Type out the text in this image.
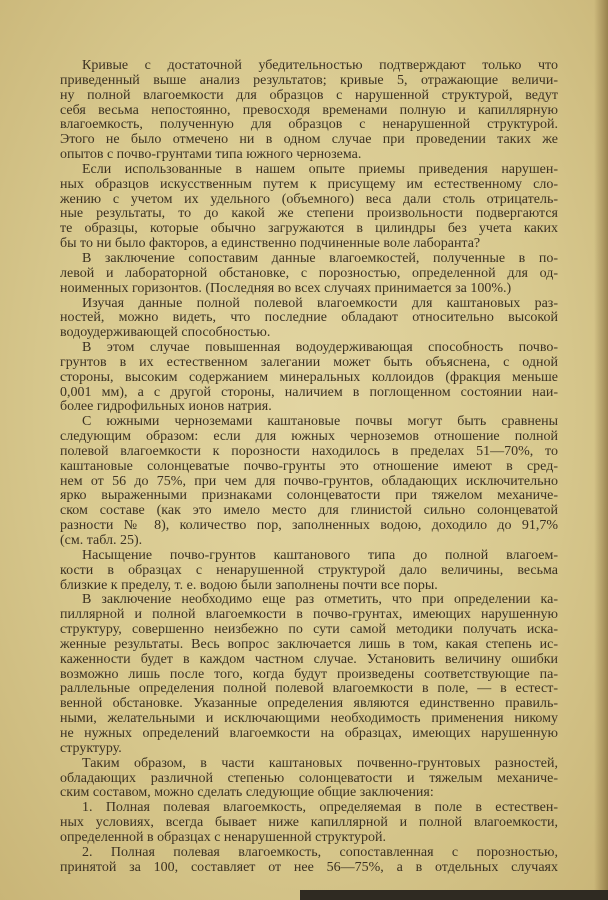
Кривые с достаточной убедительностью подтверждают только что
приведенный выше анализ результатов; кривые 5, отражающие величи-
ну полной влагоемкости для образцов с нарушенной структурой, ведут
себя весьма непостоянно, превосходя временами полную и капиллярную
влагоемкость, полученную для образцов с ненарушенной структурой.
Этого не было отмечено ни в одном случае при проведении таких же
опытов с почво-грунтами типа южного чернозема.
Если использованные в нашем опыте приемы приведения нарушен-
ных образцов искусственным путем к присущему им естественному сло-
жению с учетом их удельного (объемного) веса дали столь отрицатель-
ные результаты, то до какой же степени произвольности подвергаются
те образцы, которые обычно загружаются в цилиндры без учета каких
бы то ни было факторов, а единственно подчиненные воле лаборанта?
В заключение сопоставим данные влагоемкостей, полученные в по-
левой и лабораторной обстановке, с порозностью, определенной для од-
ноименных горизонтов. (Последняя во всех случаях принимается за 100%.)
Изучая данные полной полевой влагоемкости для каштановых раз-
ностей, можно видеть, что последние обладают относительно высокой
водоудерживающей способностью.
В этом случае повышенная водоудерживающая способность почво-
грунтов в их естественном залегании может быть объяснена, с одной
стороны, высоким содержанием минеральных коллоидов (фракция меньше
0,001 мм), а с другой стороны, наличием в поглощенном состоянии наи-
более гидрофильных ионов натрия.
С южными черноземами каштановые почвы могут быть сравнены
следующим образом: если для южных черноземов отношение полной
полевой влагоемкости к порозности находилось в пределах 51—70%, то
каштановые солонцеватые почво-грунты это отношение имеют в сред-
нем от 56 до 75%, при чем для почво-грунтов, обладающих исключительно
ярко выраженными признаками солонцеватости при тяжелом механиче-
ском составе (как это имело место для глинистой сильно солонцеватой
разности № 8), количество пор, заполненных водою, доходило до 91,7%
(см. табл. 25).
Насыщение почво-грунтов каштанового типа до полной влагоем-
кости в образцах с ненарушенной структурой дало величины, весьма
близкие к пределу, т. е. водою были заполнены почти все поры.
В заключение необходимо еще раз отметить, что при определении ка-
пиллярной и полной влагоемкости в почво-грунтах, имеющих нарушенную
структуру, совершенно неизбежно по сути самой методики получать иска-
женные результаты. Весь вопрос заключается лишь в том, какая степень ис-
каженности будет в каждом частном случае. Установить величину ошибки
возможно лишь после того, когда будут произведены соответствующие па-
раллельные определения полной полевой влагоемкости в поле, — в естест-
венной обстановке. Указанные определения являются единственно правиль-
ными, желательными и исключающими необходимость применения никому
не нужных определений влагоемкости на образцах, имеющих нарушенную
структуру.
Таким образом, в части каштановых почвенно-грунтовых разностей,
обладающих различной степенью солонцеватости и тяжелым механиче-
ским составом, можно сделать следующие общие заключения:
1. Полная полевая влагоемкость, определяемая в поле в естествен-
ных условиях, всегда бывает ниже капиллярной и полной влагоемкости,
определенной в образцах с ненарушенной структурой.
2. Полная полевая влагоемкость, сопоставленная с порозностью,
принятой за 100, составляет от нее 56—75%, а в отдельных случаях
